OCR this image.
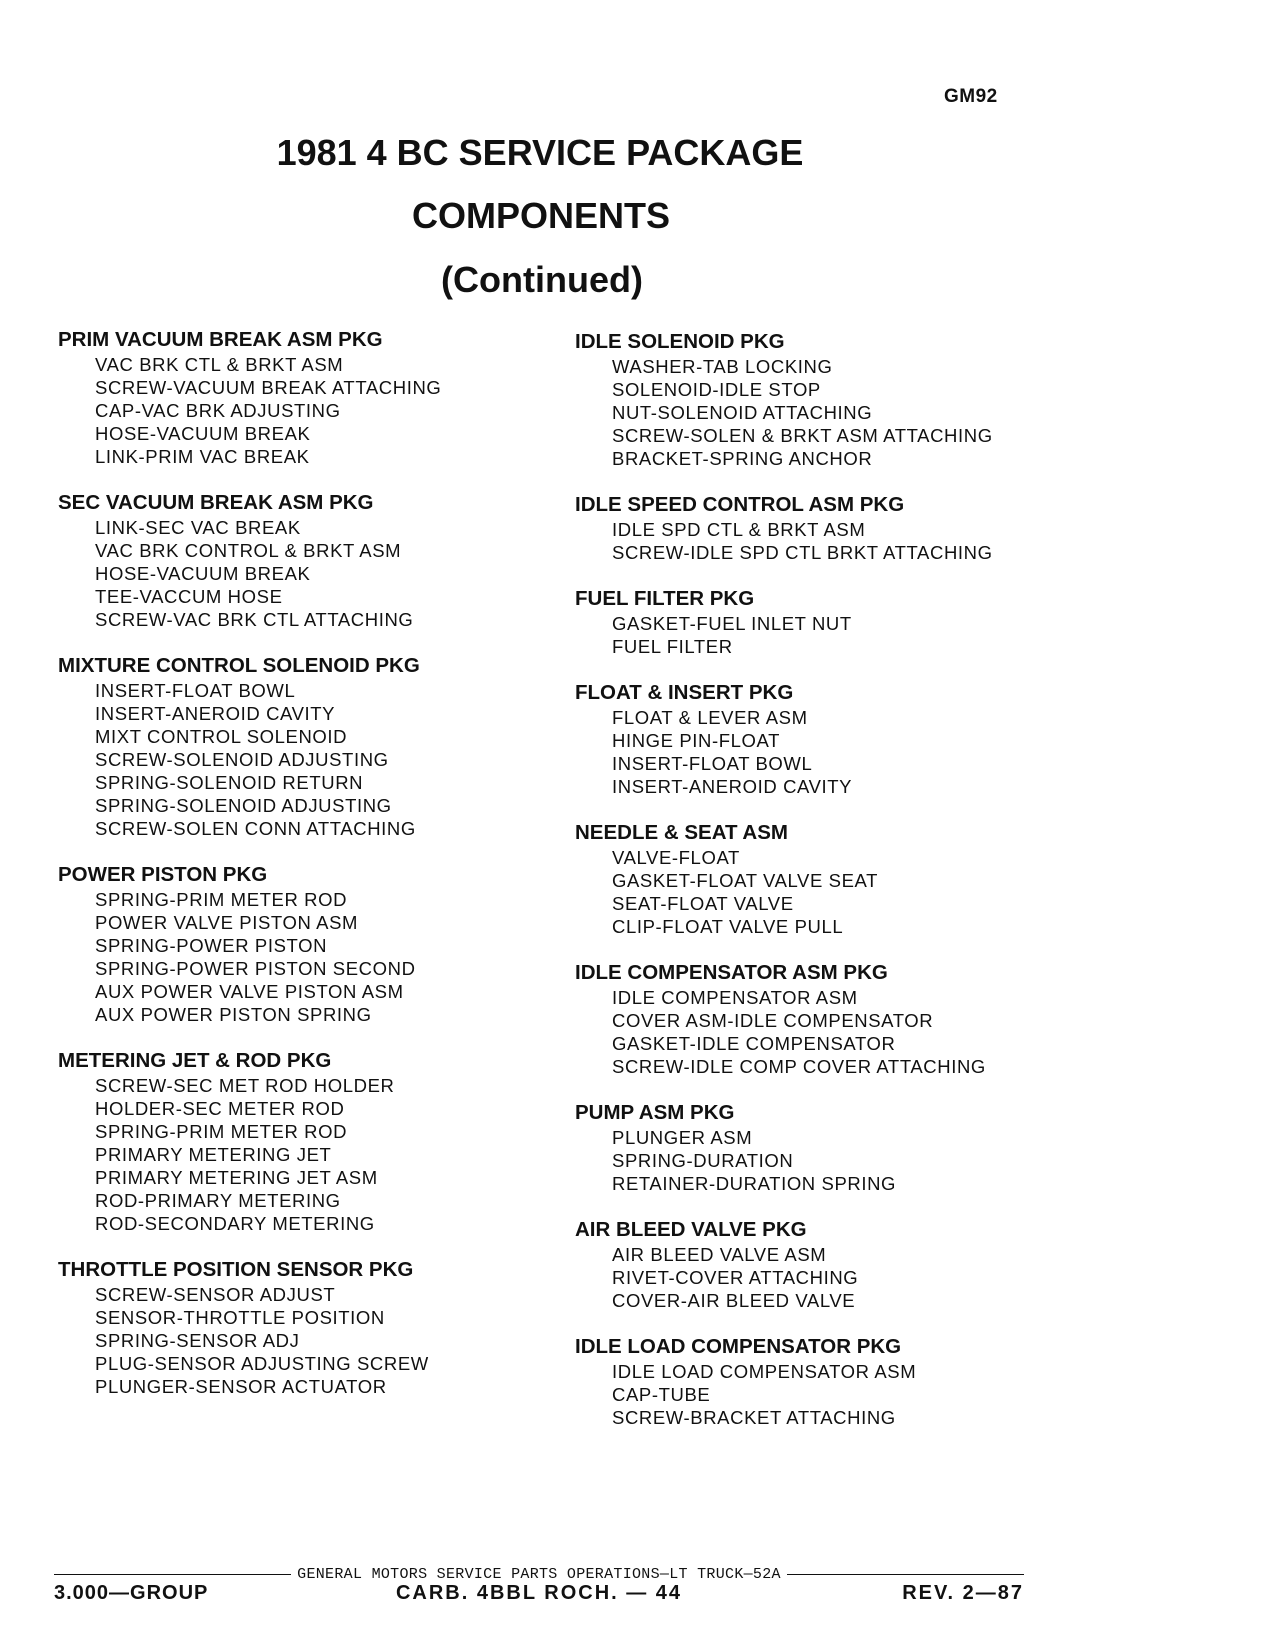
GM92
1981 4 BC SERVICE PACKAGE
COMPONENTS
(Continued)
PRIM VACUUM BREAK ASM PKG
VAC BRK CTL & BRKT ASM
SCREW-VACUUM BREAK ATTACHING
CAP-VAC BRK ADJUSTING
HOSE-VACUUM BREAK
LINK-PRIM VAC BREAK
SEC VACUUM BREAK ASM PKG
LINK-SEC VAC BREAK
VAC BRK CONTROL & BRKT ASM
HOSE-VACUUM BREAK
TEE-VACCUM HOSE
SCREW-VAC BRK CTL ATTACHING
MIXTURE CONTROL SOLENOID PKG
INSERT-FLOAT BOWL
INSERT-ANEROID CAVITY
MIXT CONTROL SOLENOID
SCREW-SOLENOID ADJUSTING
SPRING-SOLENOID RETURN
SPRING-SOLENOID ADJUSTING
SCREW-SOLEN CONN ATTACHING
POWER PISTON PKG
SPRING-PRIM METER ROD
POWER VALVE PISTON ASM
SPRING-POWER PISTON
SPRING-POWER PISTON SECOND
AUX POWER VALVE PISTON ASM
AUX POWER PISTON SPRING
METERING JET & ROD PKG
SCREW-SEC MET ROD HOLDER
HOLDER-SEC METER ROD
SPRING-PRIM METER ROD
PRIMARY METERING JET
PRIMARY METERING JET ASM
ROD-PRIMARY METERING
ROD-SECONDARY METERING
THROTTLE POSITION SENSOR PKG
SCREW-SENSOR ADJUST
SENSOR-THROTTLE POSITION
SPRING-SENSOR ADJ
PLUG-SENSOR ADJUSTING SCREW
PLUNGER-SENSOR ACTUATOR
IDLE SOLENOID PKG
WASHER-TAB LOCKING
SOLENOID-IDLE STOP
NUT-SOLENOID ATTACHING
SCREW-SOLEN & BRKT ASM ATTACHING
BRACKET-SPRING ANCHOR
IDLE SPEED CONTROL ASM PKG
IDLE SPD CTL & BRKT ASM
SCREW-IDLE SPD CTL BRKT ATTACHING
FUEL FILTER PKG
GASKET-FUEL INLET NUT
FUEL FILTER
FLOAT & INSERT PKG
FLOAT & LEVER ASM
HINGE PIN-FLOAT
INSERT-FLOAT BOWL
INSERT-ANEROID CAVITY
NEEDLE & SEAT ASM
VALVE-FLOAT
GASKET-FLOAT VALVE SEAT
SEAT-FLOAT VALVE
CLIP-FLOAT VALVE PULL
IDLE COMPENSATOR ASM PKG
IDLE COMPENSATOR ASM
COVER ASM-IDLE COMPENSATOR
GASKET-IDLE COMPENSATOR
SCREW-IDLE COMP COVER ATTACHING
PUMP ASM PKG
PLUNGER ASM
SPRING-DURATION
RETAINER-DURATION SPRING
AIR BLEED VALVE PKG
AIR BLEED VALVE ASM
RIVET-COVER ATTACHING
COVER-AIR BLEED VALVE
IDLE LOAD COMPENSATOR PKG
IDLE LOAD COMPENSATOR ASM
CAP-TUBE
SCREW-BRACKET ATTACHING
GENERAL MOTORS SERVICE PARTS OPERATIONS—LT TRUCK—52A
3.000—GROUP	CARB. 4BBL ROCH. — 44	REV. 2—87
